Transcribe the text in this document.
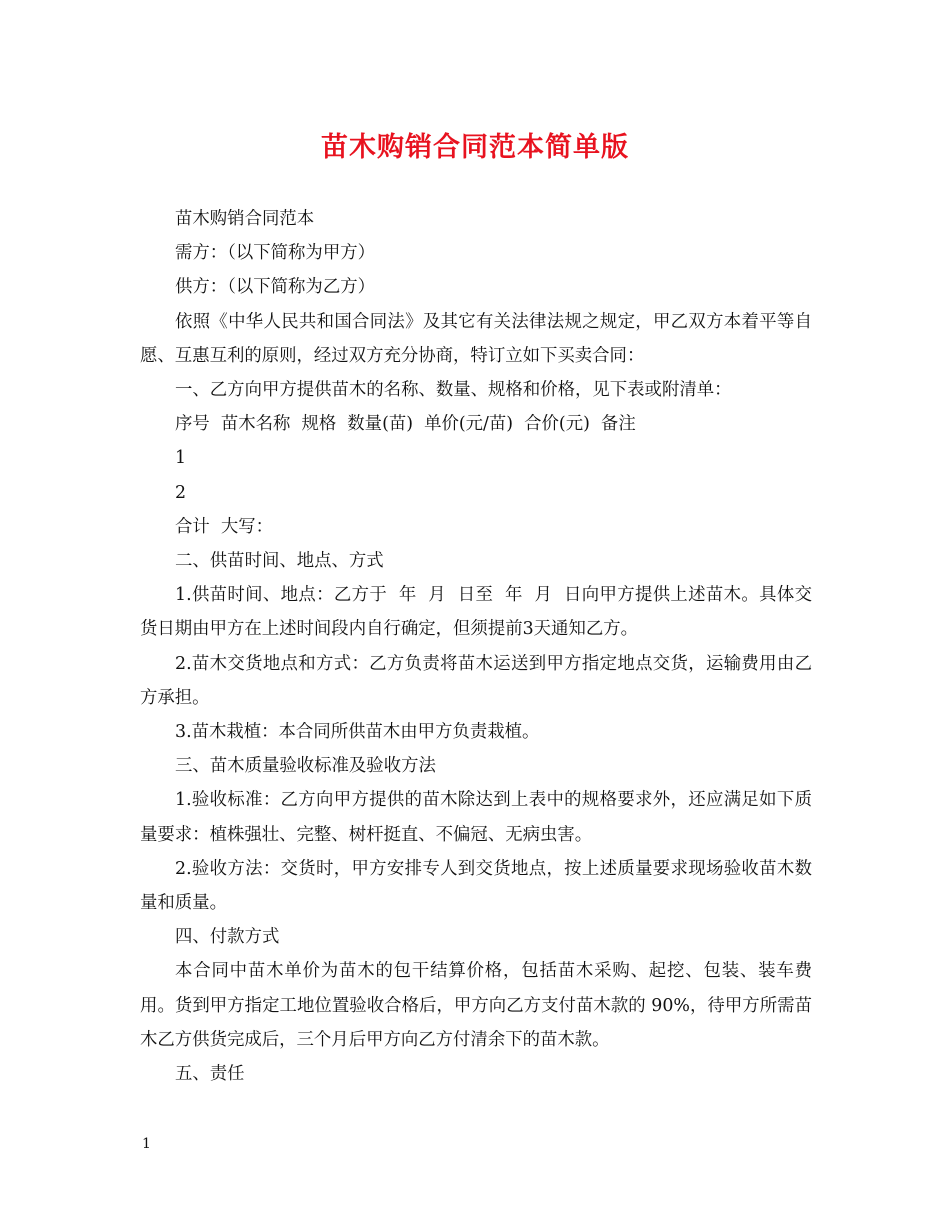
苗木购销合同范本简单版

苗木购销合同范本

需方：（以下简称为甲方）

供方：（以下简称为乙方）

依照《中华人民共和国合同法》及其它有关法律法规之规定，甲乙双方本着平等自愿、互惠互利的原则，经过双方充分协商，特订立如下买卖合同：

一、乙方向甲方提供苗木的名称、数量、规格和价格，见下表或附清单：

序号  苗木名称  规格  数量(苗)  单价(元/苗)  合价(元)  备注

1

2

合计  大写：

二、供苗时间、地点、方式

1.供苗时间、地点：乙方于  年  月  日至  年  月  日向甲方提供上述苗木。具体交货日期由甲方在上述时间段内自行确定，但须提前3天通知乙方。

2.苗木交货地点和方式：乙方负责将苗木运送到甲方指定地点交货，运输费用由乙方承担。

3.苗木栽植：本合同所供苗木由甲方负责栽植。

三、苗木质量验收标准及验收方法

1.验收标准：乙方向甲方提供的苗木除达到上表中的规格要求外，还应满足如下质量要求：植株强壮、完整、树杆挺直、不偏冠、无病虫害。

2.验收方法：交货时，甲方安排专人到交货地点，按上述质量要求现场验收苗木数量和质量。

四、付款方式

本合同中苗木单价为苗木的包干结算价格，包括苗木采购、起挖、包装、装车费用。货到甲方指定工地位置验收合格后，甲方向乙方支付苗木款的 90%，待甲方所需苗木乙方供货完成后，三个月后甲方向乙方付清余下的苗木款。

五、责任

1
